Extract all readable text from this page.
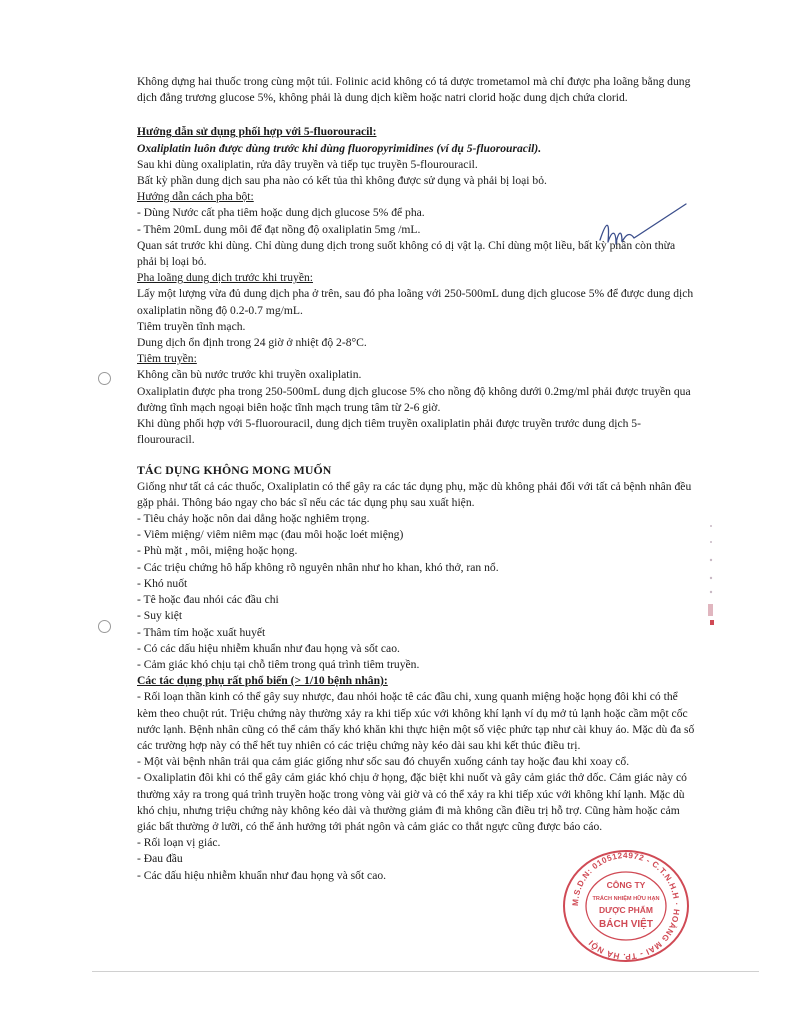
Không dựng hai thuốc trong cùng một túi. Folinic acid không có tá dược trometamol mà chỉ được pha loãng bằng dung dịch đẳng trương glucose 5%, không phải là dung dịch kiềm hoặc natri clorid hoặc dung dịch chứa clorid.

Hướng dẫn sử dụng phối hợp với 5-fluorouracil:

Oxaliplatin luôn được dùng trước khi dùng fluoropyrimidines (ví dụ 5-fluorouracil).

Sau khi dùng oxaliplatin, rửa dây truyền và tiếp tục truyền 5-flourouracil.

Bất kỳ phần dung dịch sau pha nào có kết tủa thì không được sử dụng và phải bị loại bỏ.

Hướng dẫn cách pha bột:

- Dùng Nước cất pha tiêm hoặc dung dịch glucose 5% để pha.

- Thêm 20mL dung môi để đạt nồng độ oxaliplatin 5mg /mL.

Quan sát trước khi dùng. Chỉ dùng dung dịch trong suốt không có dị vật lạ. Chỉ dùng một liều, bất kỳ phần còn thừa phải bị loại bỏ.

Pha loãng dung dịch trước khi truyền:

Lấy một lượng vừa đủ dung dịch pha ở trên, sau đó pha loãng với 250-500mL dung dịch glucose 5% để được dung dịch oxaliplatin nồng độ 0.2-0.7 mg/mL.

Tiêm truyền tĩnh mạch.

Dung dịch ổn định trong 24 giờ ở nhiệt độ 2-8°C.

Tiêm truyền:

Không cần bù nước trước khi truyền oxaliplatin.

Oxaliplatin được pha trong 250-500mL dung dịch glucose 5% cho nồng độ không dưới 0.2mg/ml phải được truyền qua đường tĩnh mạch ngoại biên hoặc tĩnh mạch trung tâm từ 2-6 giờ.

Khi dùng phối hợp với 5-fluorouracil, dung dịch tiêm truyền oxaliplatin phải được truyền trước dung dịch 5-flourouracil.

TÁC DỤNG KHÔNG MONG MUỐN

Giống như tất cả các thuốc, Oxaliplatin có thể gây ra các tác dụng phụ, mặc dù không phải đối với tất cả bệnh nhân đều gặp phải. Thông báo ngay cho bác sĩ nếu các tác dụng phụ sau xuất hiện.

- Tiêu chảy hoặc nôn dai dẳng hoặc nghiêm trọng.

- Viêm miệng/ viêm niêm mạc (đau môi hoặc loét miệng)

- Phù mặt , môi, miệng hoặc họng.

- Các triệu chứng hô hấp không rõ nguyên nhân như ho khan, khó thở, ran nổ.

- Khó nuốt

- Tê hoặc đau nhói các đầu chi

- Suy kiệt

- Thâm tím hoặc xuất huyết

- Có các dấu hiệu nhiễm khuẩn như đau họng và sốt cao.

- Cảm giác khó chịu tại chỗ tiêm trong quá trình tiêm truyền.

Các tác dụng phụ rất phổ biến (> 1/10 bệnh nhân):

- Rối loạn thần kinh có thể gây suy nhược, đau nhói hoặc tê các đầu chi, xung quanh miệng hoặc họng đôi khi có thể kèm theo chuột rút. Triệu chứng này thường xảy ra khi tiếp xúc với không khí lạnh ví dụ mở tủ lạnh hoặc cầm một cốc nước lạnh. Bệnh nhân cũng có thể cảm thấy khó khăn khi thực hiện một số việc phức tạp như cài khuy áo. Mặc dù đa số các trường hợp này có thể hết tuy nhiên có các triệu chứng này kéo dài sau khi kết thúc điều trị.

- Một vài bệnh nhân trải qua cảm giác giống như sốc sau đó chuyển xuống cánh tay hoặc đau khi xoay cổ.

- Oxaliplatin đôi khi có thể gây cảm giác khó chịu ở họng, đặc biệt khi nuốt và gây cảm giác thở dốc. Cảm giác này có thường xảy ra trong quá trình truyền hoặc trong vòng vài giờ và có thể xảy ra khi tiếp xúc với không khí lạnh. Mặc dù khó chịu, nhưng triệu chứng này không kéo dài và thường giảm đi mà không cần điều trị hỗ trợ. Cũng hàm hoặc cảm giác bất thường ở lưỡi, có thể ảnh hưởng tới phát ngôn và cảm giác co thắt ngực cũng được báo cáo.

- Rối loạn vị giác.

- Đau đầu

- Các dấu hiệu nhiễm khuẩn như đau họng và sốt cao.

M.S.D.N: 0105124972 - C.T.N.H.H · HOÀNG MAI - TP. HÀ NỘI
CÔNG TY
TRÁCH NHIỆM HỮU HẠN
DƯỢC PHẨM
BÁCH VIỆT
